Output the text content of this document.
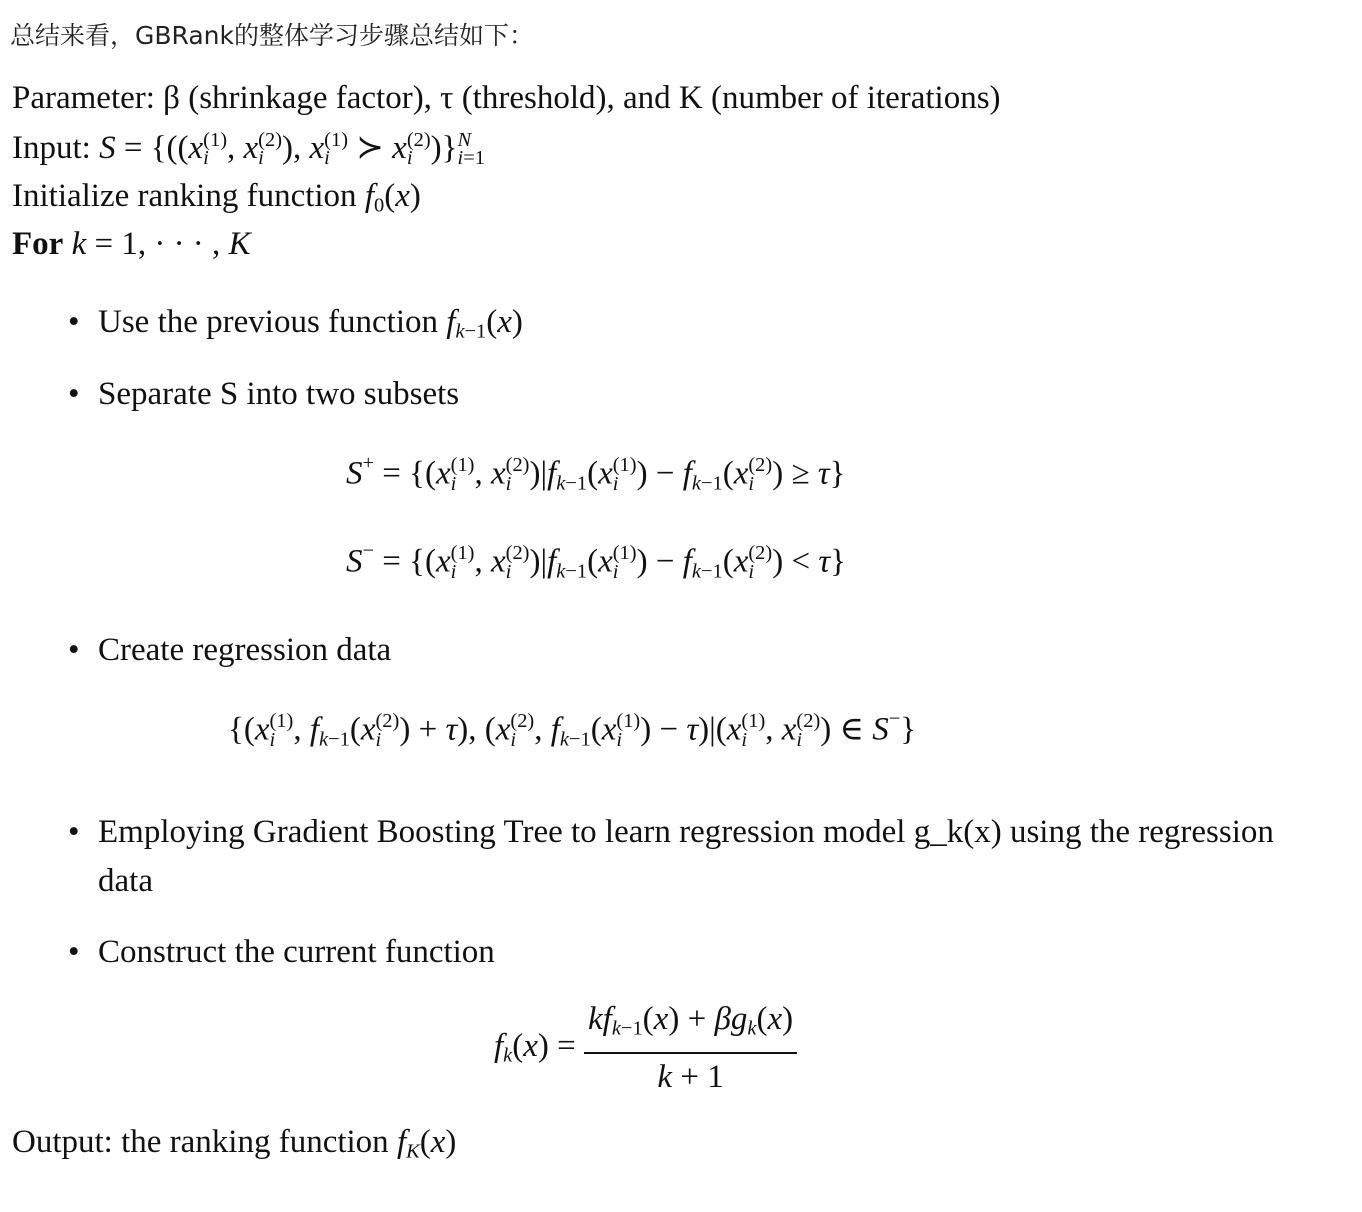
总结来看，GBRank的整体学习步骤总结如下：
Parameter: β (shrinkage factor), τ (threshold), and K (number of iterations)
Input: S = {((x (1)
i , x (2)
i ), x (1)
i ≻ x (2)
i )} N
i=1
Initialize ranking function $f_0(x)$
For k = 1, · · · , K
• Use the previous function $f_{k-1}(x)$
• Separate S into two subsets
• Create regression data
• Employing Gradient Boosting Tree to learn regression model g_k(x) using the regression data
• Construct the current function
S+ = {(x (1)
i , x (2)
i )$|f_{k-1}(x$ (1)
i ) − $f_{k-1}(x$ (2)
i ) ≥ τ}
S− = {(x (1)
i , x (2)
i )$|f_{k-1}(x$ (1)
i ) − $f_{k-1}(x$ (2)
i ) < τ}
{(x (1)
i , $f_{k-1}(x$ (2)
i ) + τ), (x (2)
i , $f_{k-1}(x$ (1)
i ) − τ)|(x (1)
i , x (2)
i ) ∈ S−}
$f_k(x) = \frac{kf_{k-1}(x) + \beta g_k(x)}{k + 1}$
Output: the ranking function $f_K(x)$
